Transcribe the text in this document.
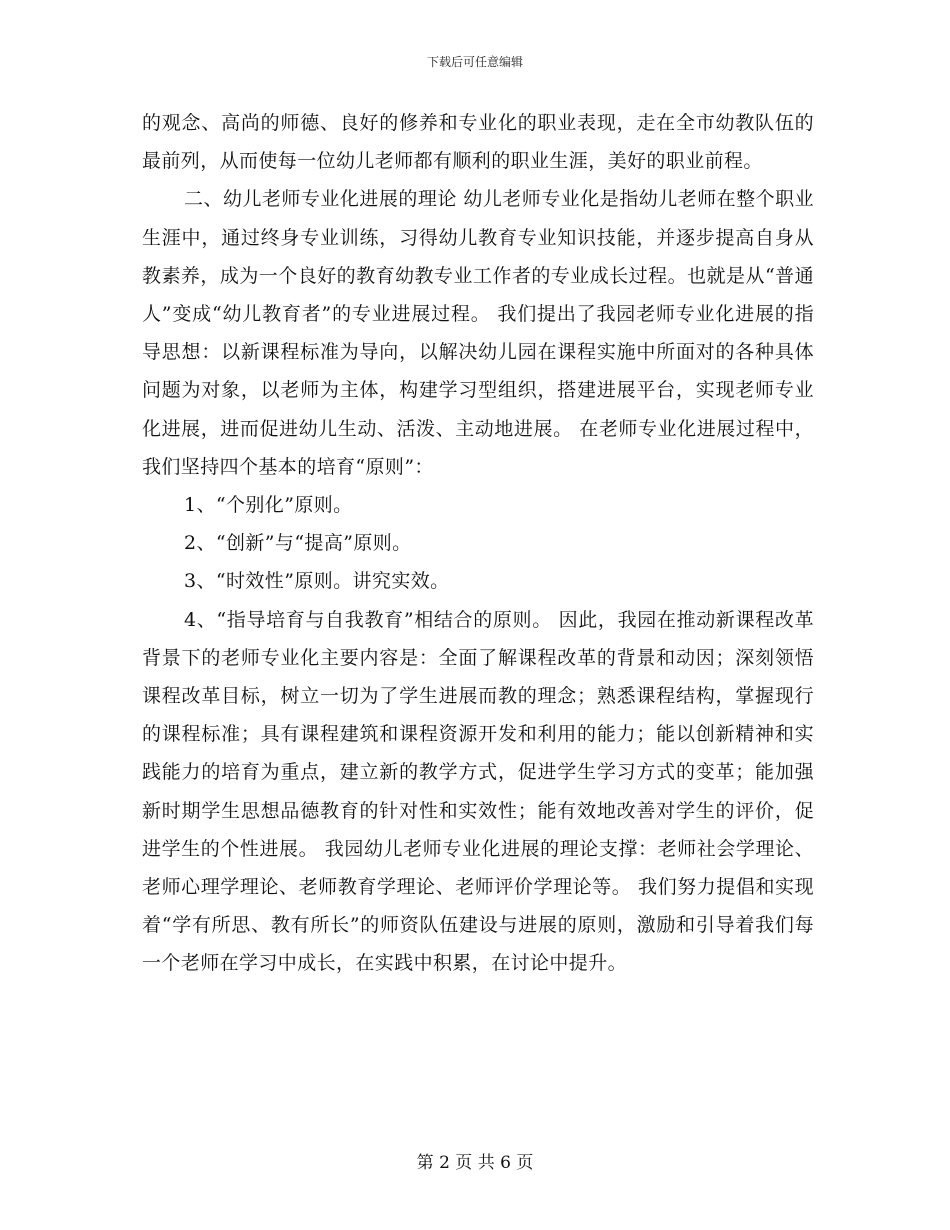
下载后可任意编辑

的观念、高尚的师德、良好的修养和专业化的职业表现，走在全市幼教队伍的最前列，从而使每一位幼儿老师都有顺利的职业生涯，美好的职业前程。

二、幼儿老师专业化进展的理论 幼儿老师专业化是指幼儿老师在整个职业生涯中，通过终身专业训练，习得幼儿教育专业知识技能，并逐步提高自身从教素养，成为一个良好的教育幼教专业工作者的专业成长过程。也就是从“普通人”变成“幼儿教育者”的专业进展过程。 我们提出了我园老师专业化进展的指导思想：以新课程标准为导向，以解决幼儿园在课程实施中所面对的各种具体问题为对象，以老师为主体，构建学习型组织，搭建进展平台，实现老师专业化进展，进而促进幼儿生动、活泼、主动地进展。 在老师专业化进展过程中，我们坚持四个基本的培育“原则”：

1、“个别化”原则。

2、“创新”与“提高”原则。

3、“时效性”原则。讲究实效。

4、“指导培育与自我教育”相结合的原则。 因此，我园在推动新课程改革背景下的老师专业化主要内容是：全面了解课程改革的背景和动因；深刻领悟课程改革目标，树立一切为了学生进展而教的理念；熟悉课程结构，掌握现行的课程标准；具有课程建筑和课程资源开发和利用的能力；能以创新精神和实践能力的培育为重点，建立新的教学方式，促进学生学习方式的变革；能加强新时期学生思想品德教育的针对性和实效性；能有效地改善对学生的评价，促进学生的个性进展。 我园幼儿老师专业化进展的理论支撑：老师社会学理论、老师心理学理论、老师教育学理论、老师评价学理论等。 我们努力提倡和实现着“学有所思、教有所长”的师资队伍建设与进展的原则，激励和引导着我们每一个老师在学习中成长，在实践中积累，在讨论中提升。

第 2 页 共 6 页
